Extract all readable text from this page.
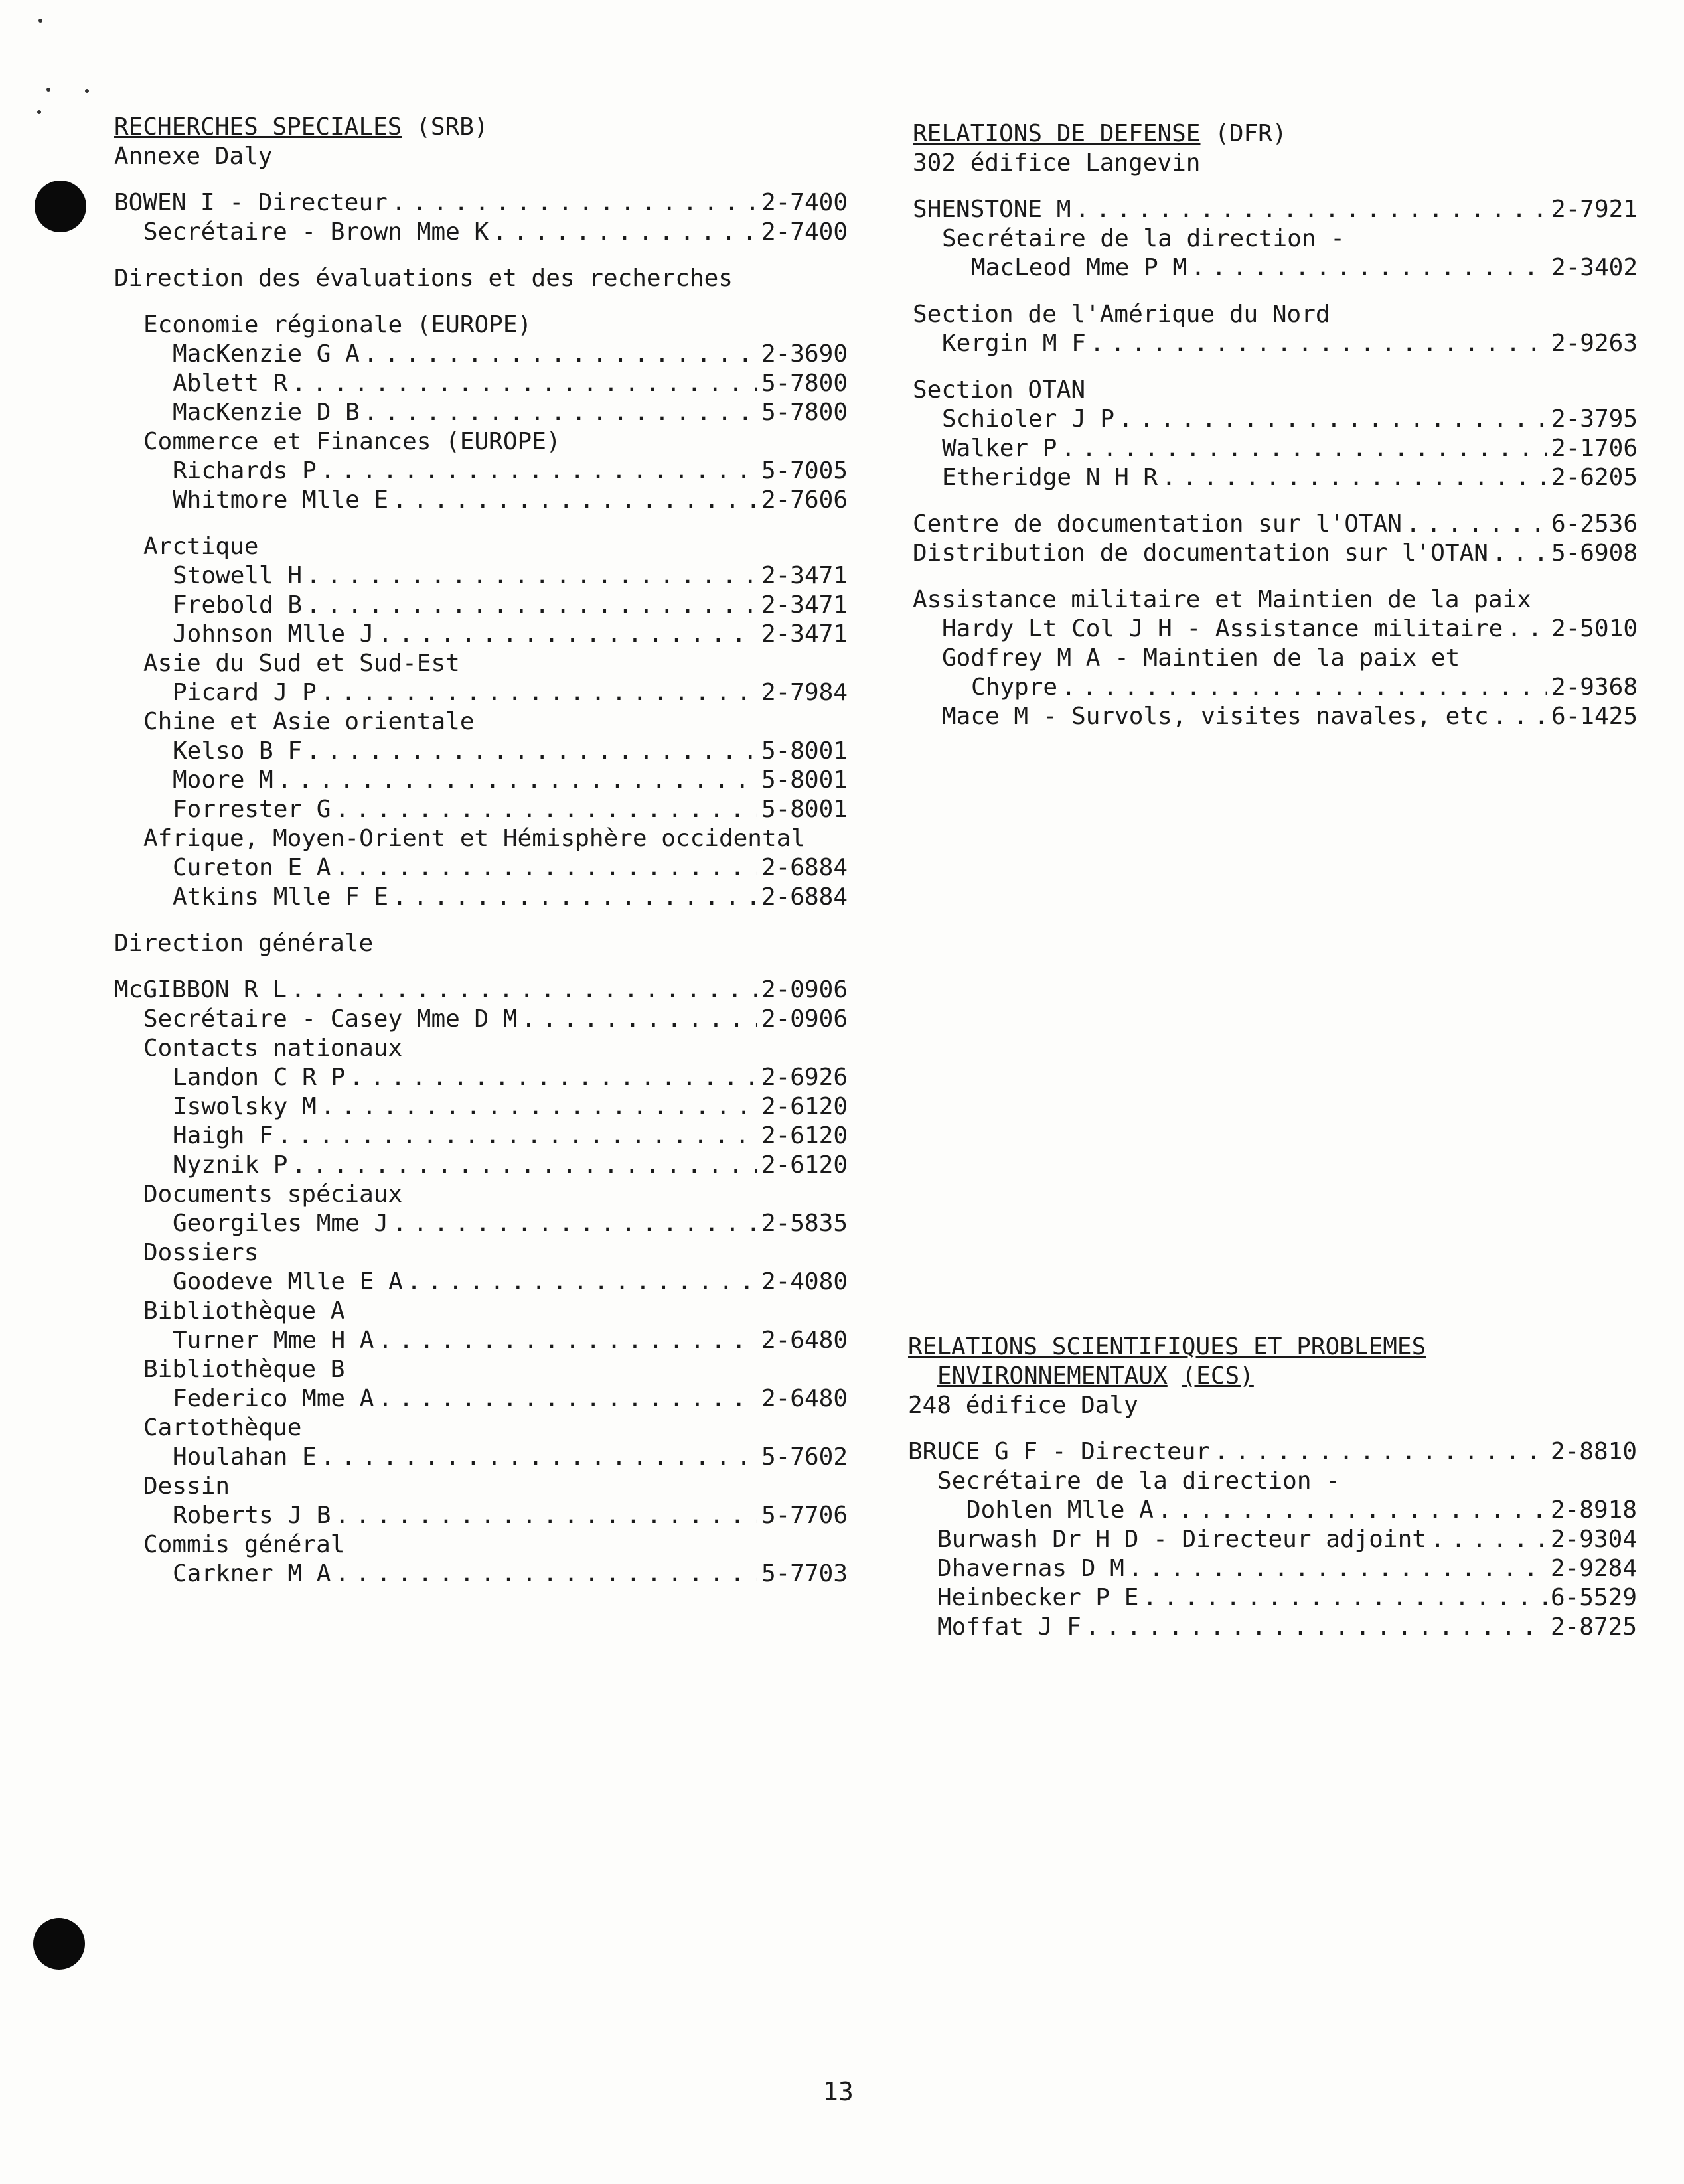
RECHERCHES SPECIALES
(SRB)
Annexe Daly
BOWEN I - Directeur . . .	2-7400
Secrétaire - Brown Mme K . . .	2-7400
Direction des évaluations et des recherches
Economie régionale (EUROPE)
MacKenzie G A . . .	2-3690
Ablett R . . .	5-7800
MacKenzie D B . . .	5-7800
Commerce et Finances (EUROPE)
Richards P . . .	5-7005
Whitmore Mlle E . . .	2-7606
Arctique
Stowell H . . .	2-3471
Frebold B . . .	2-3471
Johnson Mlle J . . .	2-3471
Asie du Sud et Sud-Est
Picard J P . . .	2-7984
Chine et Asie orientale
Kelso B F . . .	5-8001
Moore M . . .	5-8001
Forrester G . . .	5-8001
Afrique, Moyen-Orient et Hémisphère occidental
Cureton E A . . .	2-6884
Atkins Mlle F E . . .	2-6884
Direction générale
McGIBBON R L . . .	2-0906
Secrétaire - Casey Mme D M . . .	2-0906
Contacts nationaux
Landon C R P . . .	2-6926
Iswolsky M . . .	2-6120
Haigh F . . .	2-6120
Nyznik P . . .	2-6120
Documents spéciaux
Georgiles Mme J . . .	2-5835
Dossiers
Goodeve Mlle E A . . .	2-4080
Bibliothèque A
Turner Mme H A . . .	2-6480
Bibliothèque B
Federico Mme A . . .	2-6480
Cartothèque
Houlahan E . . .	5-7602
Dessin
Roberts J B . . .	5-7706
Commis général
Carkner M A . . .	5-7703
RELATIONS DE DEFENSE
(DFR)
302 édifice Langevin
SHENSTONE M . . .	2-7921
Secrétaire de la direction -
MacLeod Mme P M . . .	2-3402
Section de l'Amérique du Nord
Kergin M F . . .	2-9263
Section OTAN
Schioler J P . . .	2-3795
Walker P . . .	2-1706
Etheridge N H R . . .	2-6205
Centre de documentation sur l'OTAN . . .	6-2536
Distribution de documentation sur l'OTAN . . .	5-6908
Assistance militaire et Maintien de la paix
Hardy Lt Col J H - Assistance militaire . . . 2-5010
Godfrey M A - Maintien de la paix et
Chypre . . .	2-9368
Mace M - Survols, visites navales, etc . . .	6-1425
RELATIONS SCIENTIFIQUES ET PROBLEMES
ENVIRONNEMENTAUX
(ECS)
248 édifice Daly
BRUCE G F - Directeur . . .	2-8810
Secrétaire de la direction -
Dohlen Mlle A . . .	2-8918
Burwash Dr H D - Directeur adjoint . . .	2-9304
Dhavernas D M . . .	2-9284
Heinbecker P E . . .	6-5529
Moffat J F . . .	2-8725
13
